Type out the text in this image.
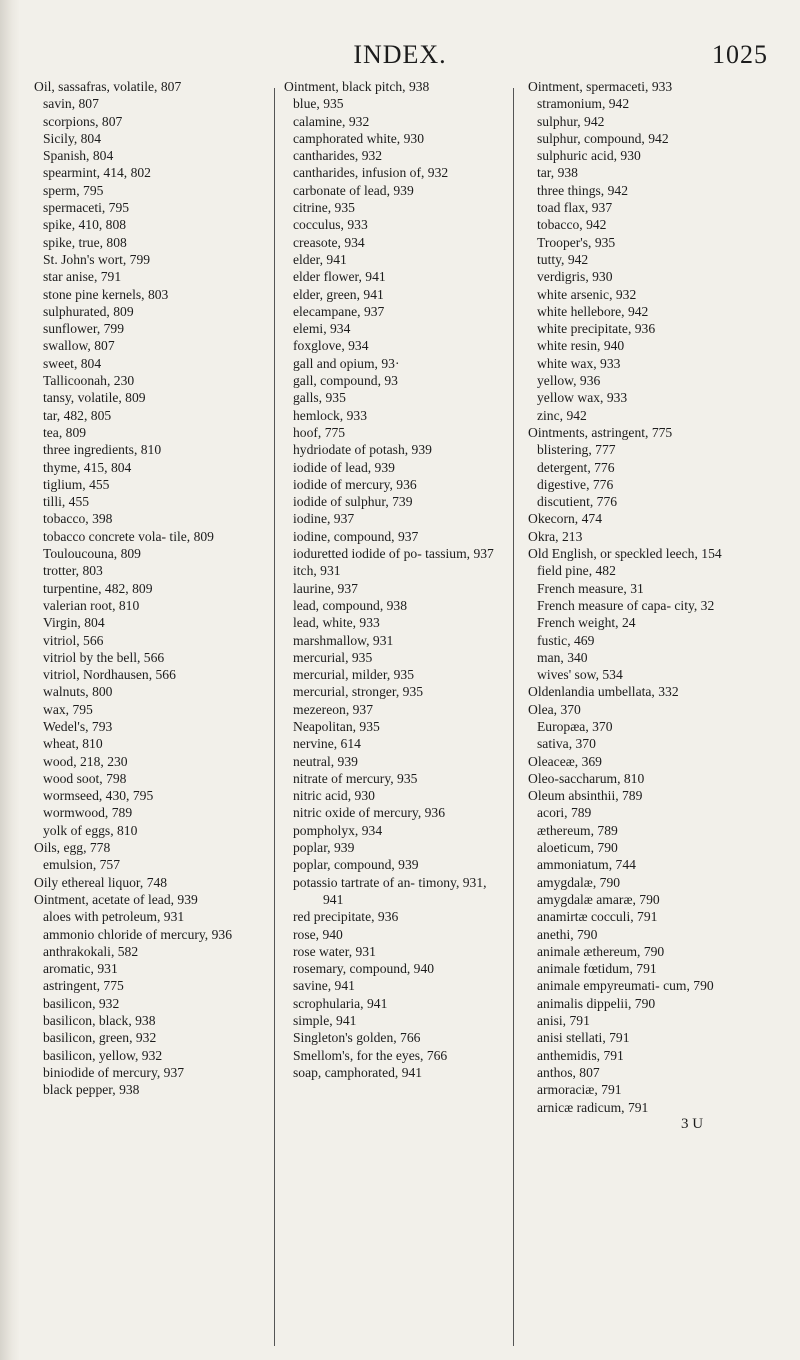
INDEX.	1025
Oil, sassafras, volatile, 807
savin, 807
scorpions, 807
Sicily, 804
Spanish, 804
spearmint, 414, 802
sperm, 795
spermaceti, 795
spike, 410, 808
spike, true, 808
St. John's wort, 799
star anise, 791
stone pine kernels, 803
sulphurated, 809
sunflower, 799
swallow, 807
sweet, 804
Tallicoonah, 230
tansy, volatile, 809
tar, 482, 805
tea, 809
three ingredients, 810
thyme, 415, 804
tiglium, 455
tilli, 455
tobacco, 398
tobacco concrete vola- tile, 809
Touloucouna, 809
trotter, 803
turpentine, 482, 809
valerian root, 810
Virgin, 804
vitriol, 566
vitriol by the bell, 566
vitriol, Nordhausen, 566
walnuts, 800
wax, 795
Wedel's, 793
wheat, 810
wood, 218, 230
wood soot, 798
wormseed, 430, 795
wormwood, 789
yolk of eggs, 810
Oils, egg, 778
emulsion, 757
Oily ethereal liquor, 748
Ointment, acetate of lead, 939
aloes with petroleum, 931
ammonio chloride of mercury, 936
anthrakokali, 582
aromatic, 931
astringent, 775
basilicon, 932
basilicon, black, 938
basilicon, green, 932
basilicon, yellow, 932
biniodide of mercury, 937
black pepper, 938
Ointment, black pitch, 938
blue, 935
calamine, 932
camphorated white, 930
cantharides, 932
cantharides, infusion of, 932
carbonate of lead, 939
citrine, 935
cocculus, 933
creasote, 934
elder, 941
elder flower, 941
elder, green, 941
elecampane, 937
elemi, 934
foxglove, 934
gall and opium, 93·
gall, compound, 93
galls, 935
hemlock, 933
hoof, 775
hydriodate of potash, 939
iodide of lead, 939
iodide of mercury, 936
iodide of sulphur, 739
iodine, 937
iodine, compound, 937
ioduretted iodide of po- tassium, 937
itch, 931
laurine, 937
lead, compound, 938
lead, white, 933
marshmallow, 931
mercurial, 935
mercurial, milder, 935
mercurial, stronger, 935
mezereon, 937
Neapolitan, 935
nervine, 614
neutral, 939
nitrate of mercury, 935
nitric acid, 930
nitric oxide of mercury, 936
pompholyx, 934
poplar, 939
poplar, compound, 939
potassio tartrate of an- timony, 931, 941
red precipitate, 936
rose, 940
rose water, 931
rosemary, compound, 940
savine, 941
scrophularia, 941
simple, 941
Singleton's golden, 766
Smellom's, for the eyes, 766
soap, camphorated, 941
Ointment, spermaceti, 933
stramonium, 942
sulphur, 942
sulphur, compound, 942
sulphuric acid, 930
tar, 938
three things, 942
toad flax, 937
tobacco, 942
Trooper's, 935
tutty, 942
verdigris, 930
white arsenic, 932
white hellebore, 942
white precipitate, 936
white resin, 940
white wax, 933
yellow, 936
yellow wax, 933
zinc, 942
Ointments, astringent, 775
blistering, 777
detergent, 776
digestive, 776
discutient, 776
Okecorn, 474
Okra, 213
Old English, or speckled leech, 154
field pine, 482
French measure, 31
French measure of capa- city, 32
French weight, 24
fustic, 469
man, 340
wives' sow, 534
Oldenlandia umbellata, 332
Olea, 370
Europæa, 370
sativa, 370
Oleaceæ, 369
Oleo-saccharum, 810
Oleum absinthii, 789
acori, 789
æthereum, 789
aloeticum, 790
ammoniatum, 744
amygdalæ, 790
amygdalæ amaræ, 790
anamirtæ cocculi, 791
anethi, 790
animale æthereum, 790
animale fœtidum, 791
animale empyreumati- cum, 790
animalis dippelii, 790
anisi, 791
anisi stellati, 791
anthemidis, 791
anthos, 807
armoraciæ, 791
arnicæ radicum, 791
3 U
